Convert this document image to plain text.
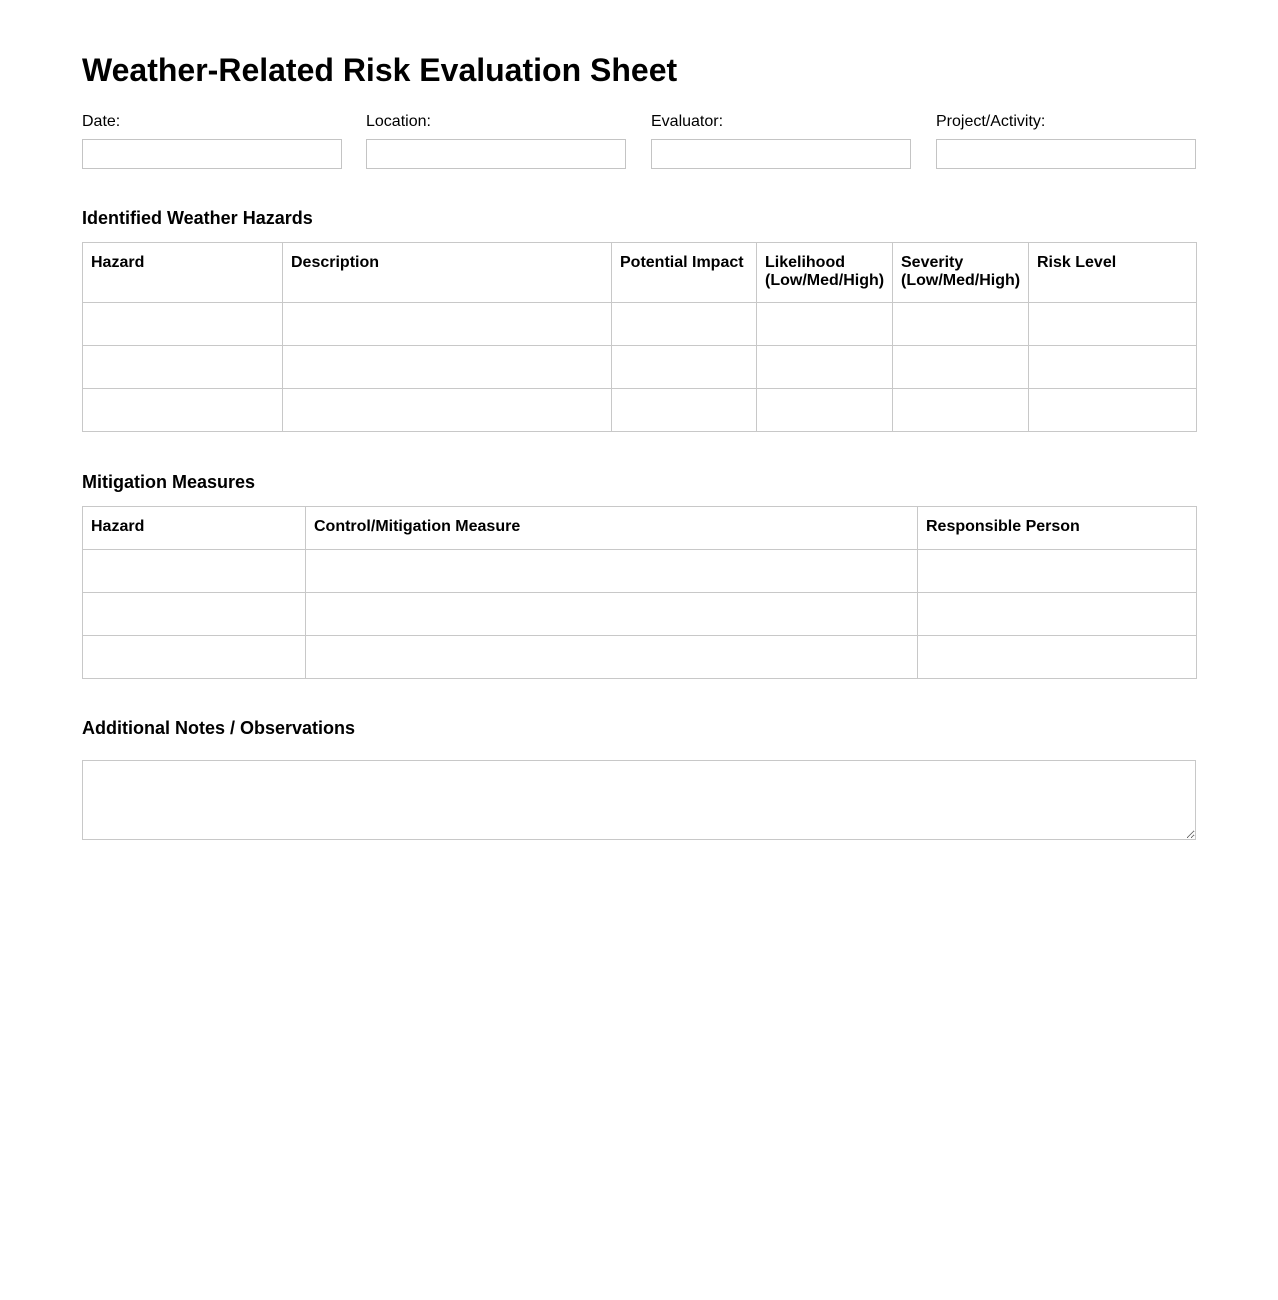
Weather-Related Risk Evaluation Sheet
Date:	Location:	Evaluator:	Project/Activity:
Identified Weather Hazards
Hazard	Description	Potential Impact	Likelihood (Low/Med/High)	Severity (Low/Med/High)	Risk Level

Mitigation Measures
Hazard	Control/Mitigation Measure	Responsible Person

Additional Notes / Observations
